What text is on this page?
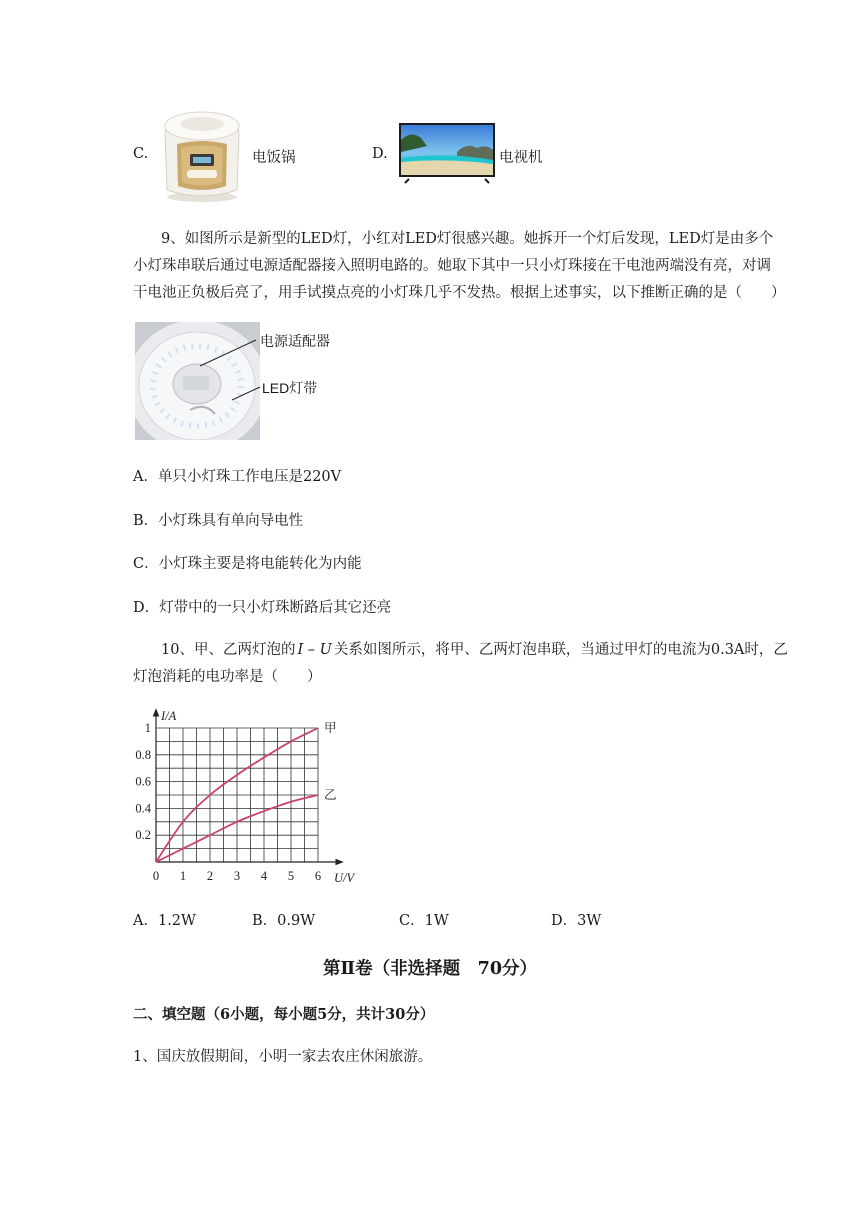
C.	电饭锅	D.	电视机
9、如图所示是新型的LED灯，小红对LED灯很感兴趣。她拆开一个灯后发现，LED灯是由多个
小灯珠串联后通过电源适配器接入照明电路的。她取下其中一只小灯珠接在干电池两端没有亮，对调
干电池正负极后亮了，用手试摸点亮的小灯珠几乎不发热。根据上述事实，以下推断正确的是（　　）
电源适配器
LED灯带
A．单只小灯珠工作电压是220V
B．小灯珠具有单向导电性
C．小灯珠主要是将电能转化为内能
D．灯带中的一只小灯珠断路后其它还亮
10、甲、乙两灯泡的 I – U 关系如图所示，将甲、乙两灯泡串联，当通过甲灯的电流为0.3A时，乙
灯泡消耗的电功率是（　　）
0 1 2 3 4 5 6
0.2
0.4
0.6
0.8
1
U/V
I/A
甲
乙
A．1.2W	B．0.9W	C．1W	D．3W
第Ⅱ卷（非选择题　70分）
二、填空题（6小题，每小题5分，共计30分）
1、国庆放假期间，小明一家去农庄休闲旅游。
